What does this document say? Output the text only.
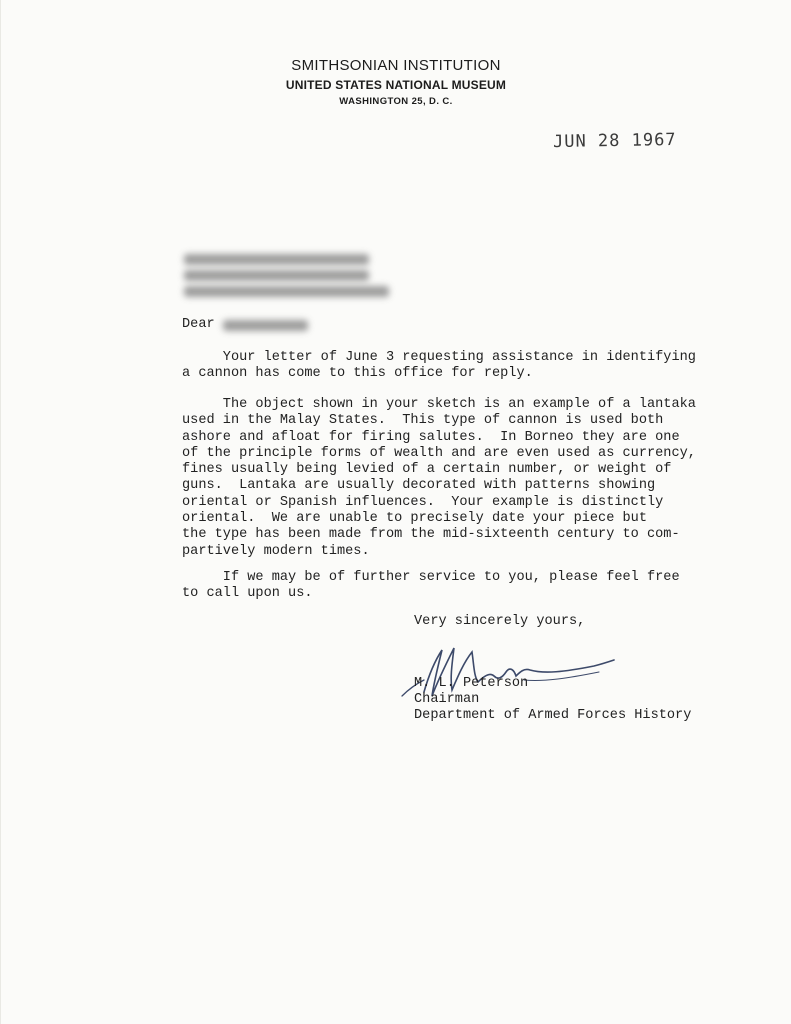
SMITHSONIAN INSTITUTION
UNITED STATES NATIONAL MUSEUM
WASHINGTON 25, D. C.
JUN 28 1967
Dear
Your letter of June 3 requesting assistance in identifying
a cannon has come to this office for reply.
The object shown in your sketch is an example of a lantaka
used in the Malay States.  This type of cannon is used both
ashore and afloat for firing salutes.  In Borneo they are one
of the principle forms of wealth and are even used as currency,
fines usually being levied of a certain number, or weight of
guns.  Lantaka are usually decorated with patterns showing
oriental or Spanish influences.  Your example is distinctly
oriental.  We are unable to precisely date your piece but
the type has been made from the mid-sixteenth century to com-
partively modern times.
If we may be of further service to you, please feel free
to call upon us.
Very sincerely yours,
M. L. Peterson
Chairman
Department of Armed Forces History
